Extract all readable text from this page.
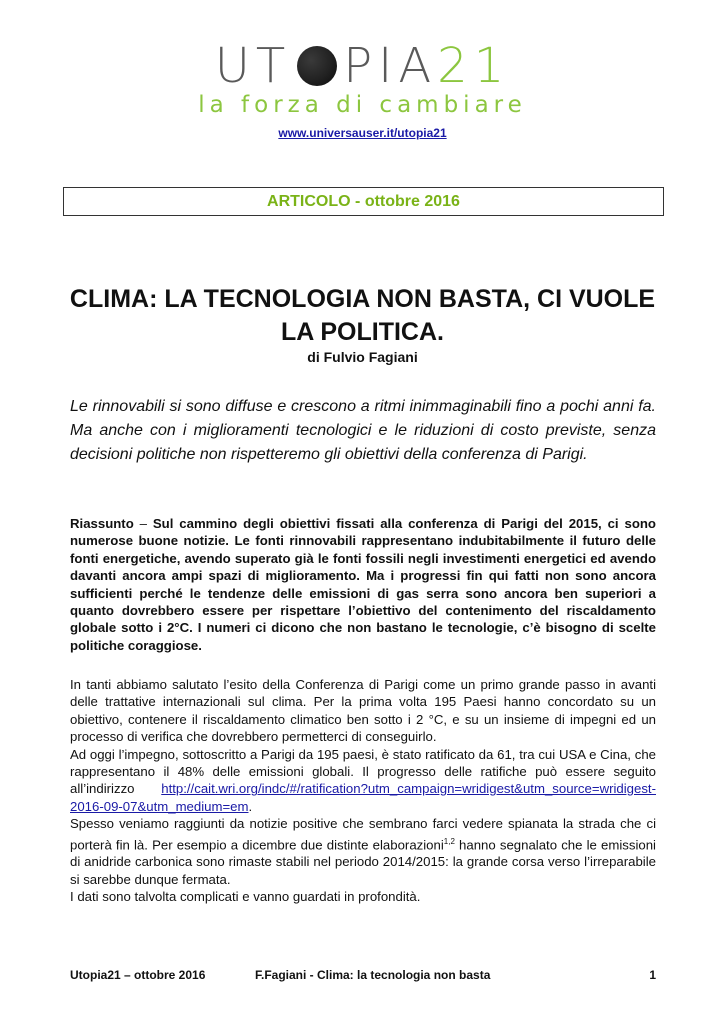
UT PIA 21
la forza di cambiare
www.universauser.it/utopia21
ARTICOLO - ottobre 2016
CLIMA: LA TECNOLOGIA NON BASTA, CI VUOLE LA POLITICA.
di Fulvio Fagiani
Le rinnovabili si sono diffuse e crescono a ritmi inimmaginabili fino a pochi anni fa. Ma anche con i miglioramenti tecnologici e le riduzioni di costo previste, senza decisioni politiche non rispetteremo gli obiettivi della conferenza di Parigi.
Riassunto – Sul cammino degli obiettivi fissati alla conferenza di Parigi del 2015, ci sono numerose buone notizie. Le fonti rinnovabili rappresentano indubitabilmente il futuro delle fonti energetiche, avendo superato già le fonti fossili negli investimenti energetici ed avendo davanti ancora ampi spazi di miglioramento. Ma i progressi fin qui fatti non sono ancora sufficienti perché le tendenze delle emissioni di gas serra sono ancora ben superiori a quanto dovrebbero essere per rispettare l’obiettivo del contenimento del riscaldamento globale sotto i 2°C. I numeri ci dicono che non bastano le tecnologie, c’è bisogno di scelte politiche coraggiose.

In tanti abbiamo salutato l’esito della Conferenza di Parigi come un primo grande passo in avanti delle trattative internazionali sul clima. Per la prima volta 195 Paesi hanno concordato su un obiettivo, contenere il riscaldamento climatico ben sotto i 2 °C, e su un insieme di impegni ed un processo di verifica che dovrebbero permetterci di conseguirlo.

Ad oggi l’impegno, sottoscritto a Parigi da 195 paesi, è stato ratificato da 61, tra cui USA e Cina, che rappresentano il 48% delle emissioni globali. Il progresso delle ratifiche può essere seguito all’indirizzo http://cait.wri.org/indc/#/ratification?utm_campaign=wridigest&utm_source=wridigest-2016-09-07&utm_medium=em.

Spesso veniamo raggiunti da notizie positive che sembrano farci vedere spianata la strada che ci porterà fin là. Per esempio a dicembre due distinte elaborazioni$^{1,2}$ hanno segnalato che le emissioni di anidride carbonica sono rimaste stabili nel periodo 2014/2015: la grande corsa verso l’irreparabile si sarebbe dunque fermata.

I dati sono talvolta complicati e vanno guardati in profondità.

Utopia21 – ottobre 2016	F.Fagiani - Clima: la tecnologia non basta	1
